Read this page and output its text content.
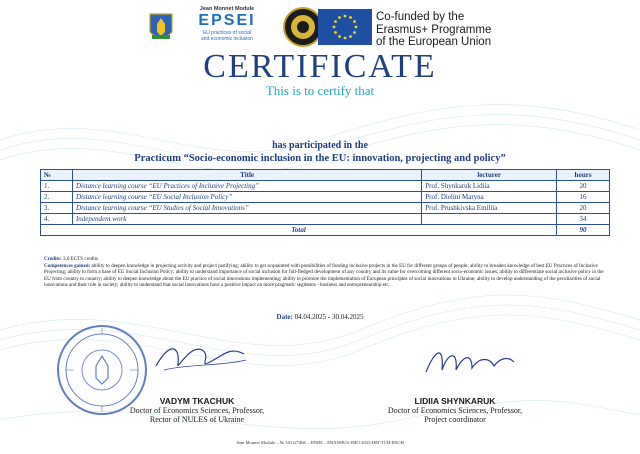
Jean Monnet Module
EPSEI
EU practices of social
and economic inclusion
Co-funded by the
Erasmus+ Programme
of the European Union
CERTIFICATE
This is to certify that
has participated in the
Practicum “Socio-economic inclusion in the EU: innovation, projecting and policy”
№	Title	lecturer	hours
1.	Distance learning course “EU Practices of Inclusive Projecting”	Prof. Shynkaruk Lidiia	20
2.	Distance learning course “EU Social Inclusion Policy”	Prof. Dielini Maryna	16
3.	Distance learning course “EU Studies of Social Innovations”	Prof. Prushkivska Emiliia	20
4.	Independent work		34
Total			90
Credits: 3,0 ECTS credits
Competences gained: ability to deepen knowledge in projecting activity and project justifying; ability to get acquainted with possibilities of funding inclusive projects in the EU for different groups of people; ability to broaden knowledge of best EU Practices of Inclusive Projecting; ability to form a base of EU Social Inclusion Policy; ability to understand importance of social inclusion for full-fledged development of any country and its value for overcoming different socio-economic issues; ability to differentiate social inclusive policy in the EU from country to country; ability to deepen knowledge about the EU practice of social innovations implementing; ability to promote the implementation of European principles of social innovations in Ukraine; ability to develop understanding of the peculiarities of social innovations and their role in society; ability to understand that social innovations have a positive impact on more pragmatic segments - business and entrepreneurship etc.
Date: 04.04.2025 - 30.04.2025
VADYM TKACHUK
Doctor of Economics Sciences, Professor,
Rector of NULES of Ukraine
LIDIIA SHYNKARUK
Doctor of Economics Sciences, Professor,
Project coordinator
Jean Monnet Module – № 101127466 – EPSEI – ERASMUS-JMO-2023-HEI-TCH-RSCH
